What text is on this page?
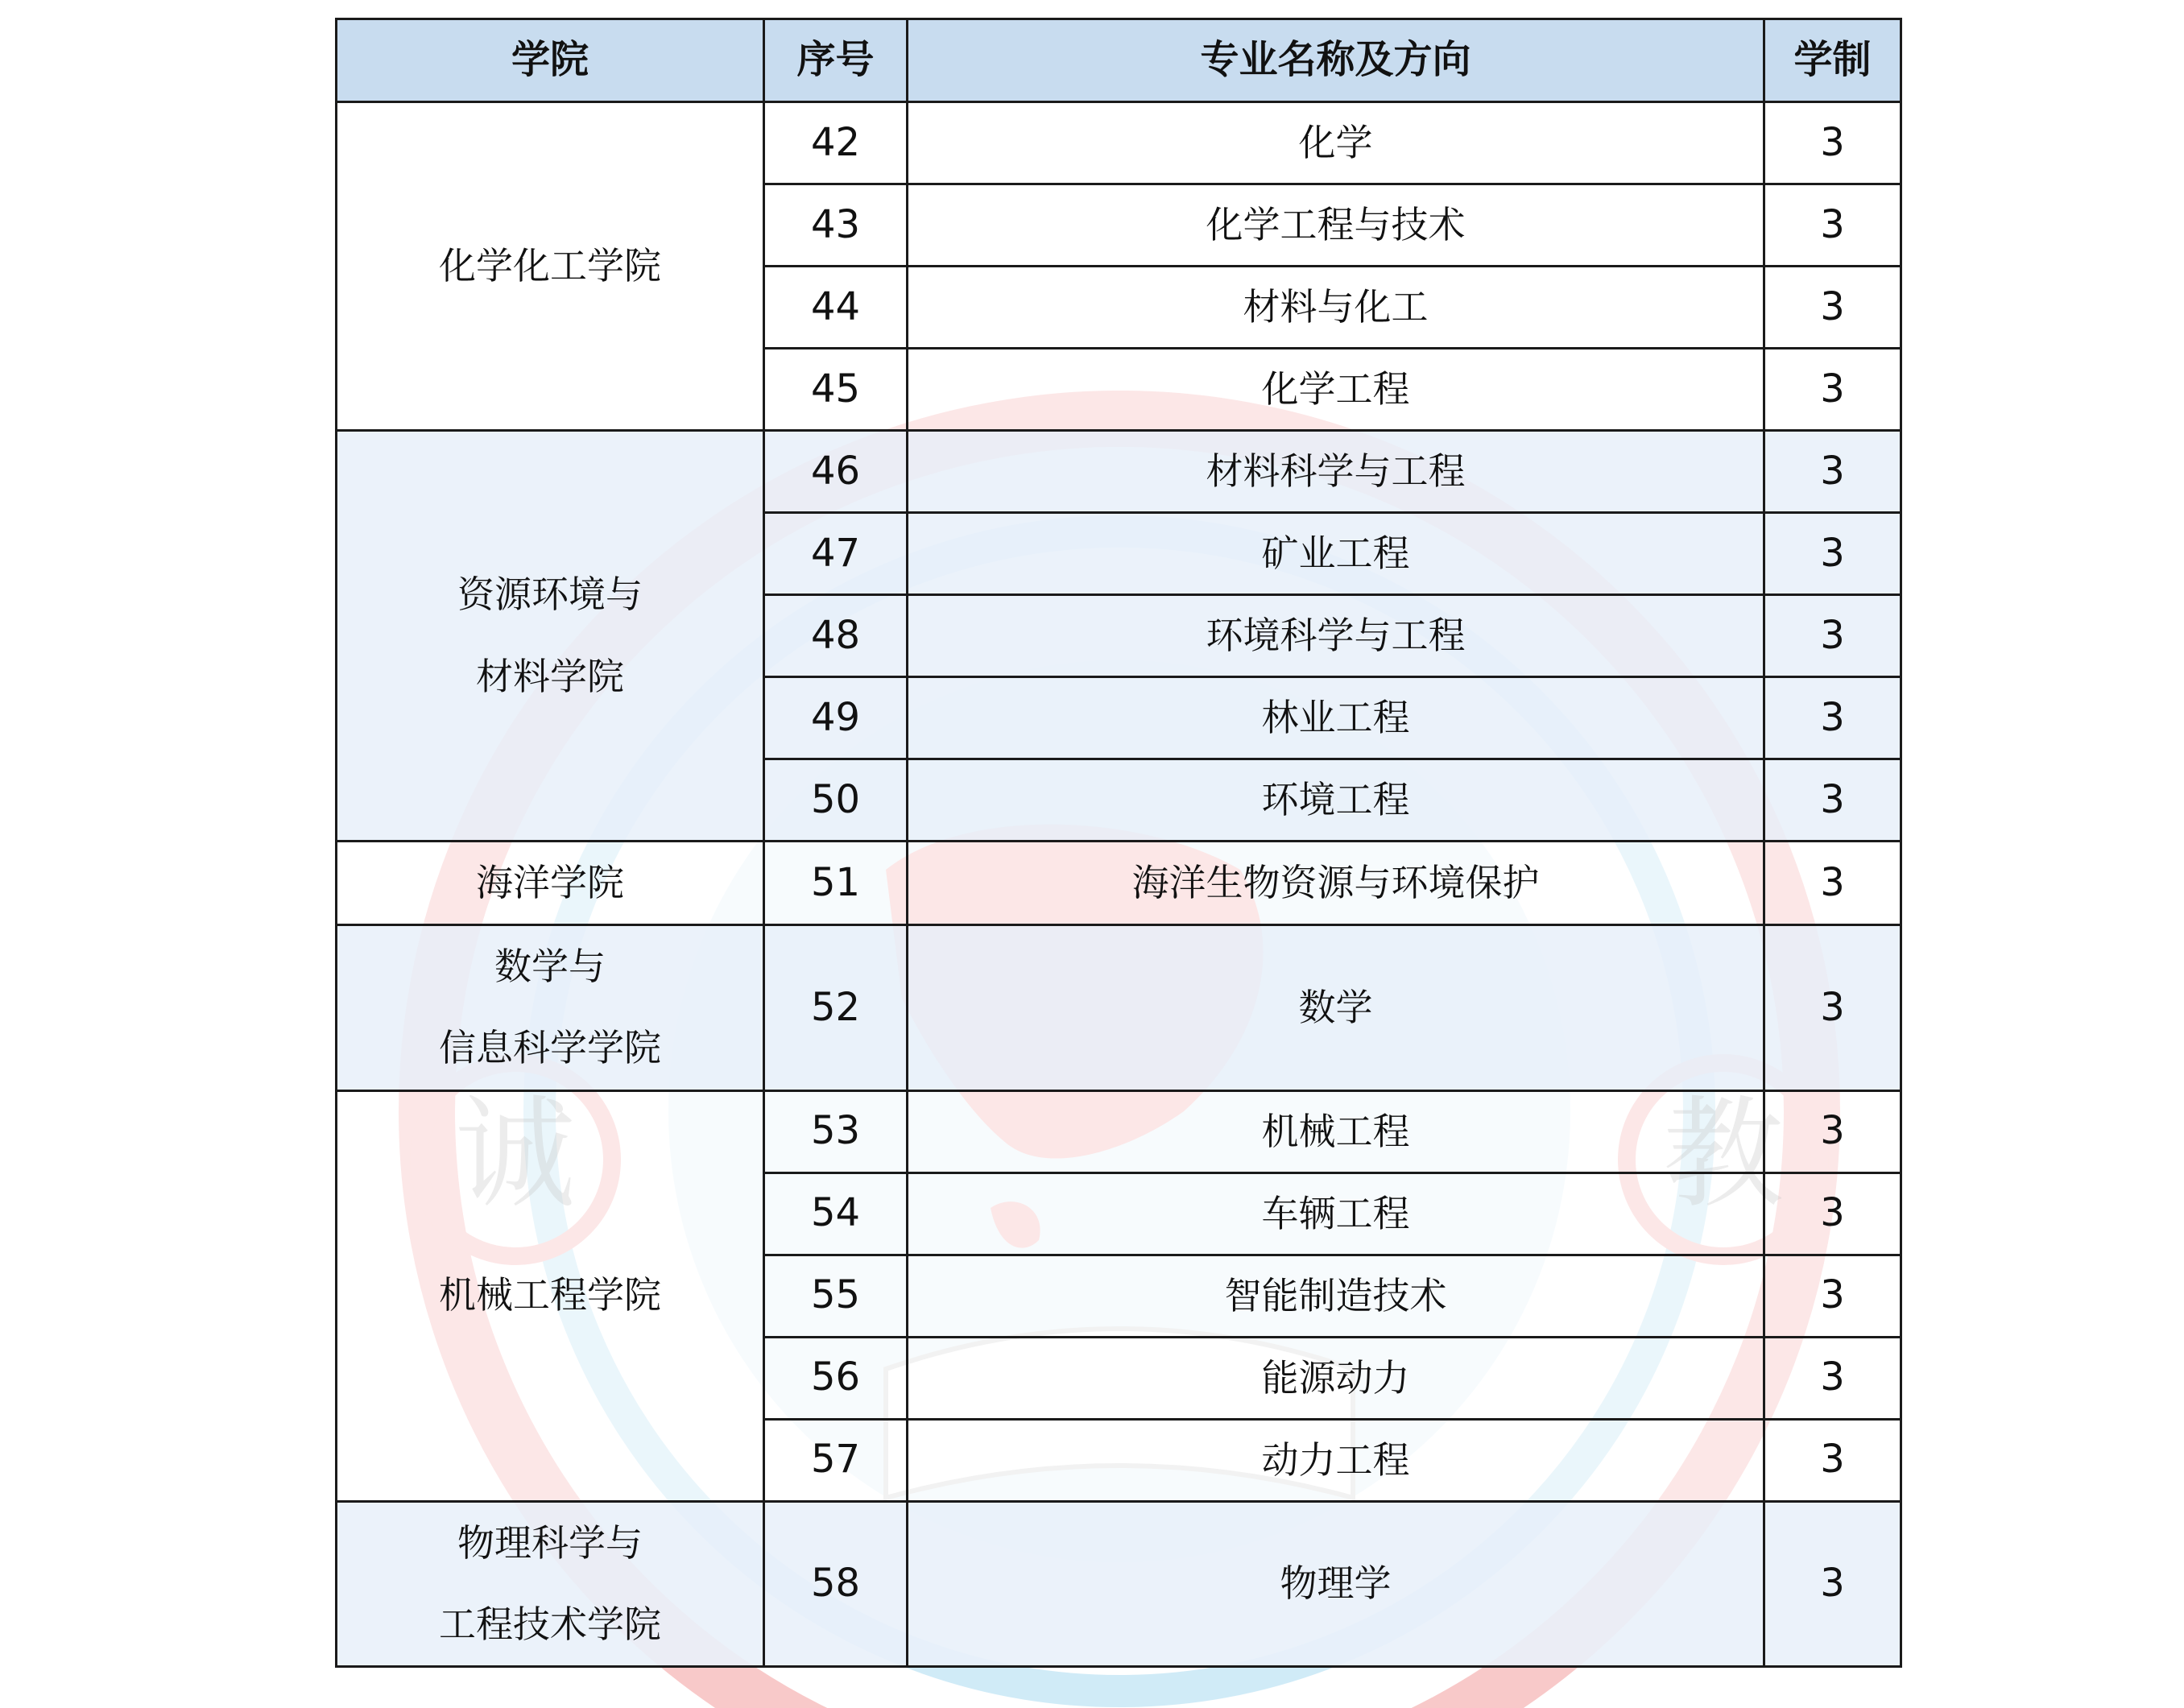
学院	序号	专业名称及方向	学制

化学化工学院	42	化学	3
	43	化学工程与技术	3
	44	材料与化工	3
	45	化学工程	3

资源环境与
材料学院	46	材料科学与工程	3
	47	矿业工程	3
	48	环境科学与工程	3
	49	林业工程	3
	50	环境工程	3

海洋学院	51	海洋生物资源与环境保护	3

数学与
信息科学学院	52	数学	3

机械工程学院	53	机械工程	3
	54	车辆工程	3
	55	智能制造技术	3
	56	能源动力	3
	57	动力工程	3

物理科学与
工程技术学院	58	物理学	3
